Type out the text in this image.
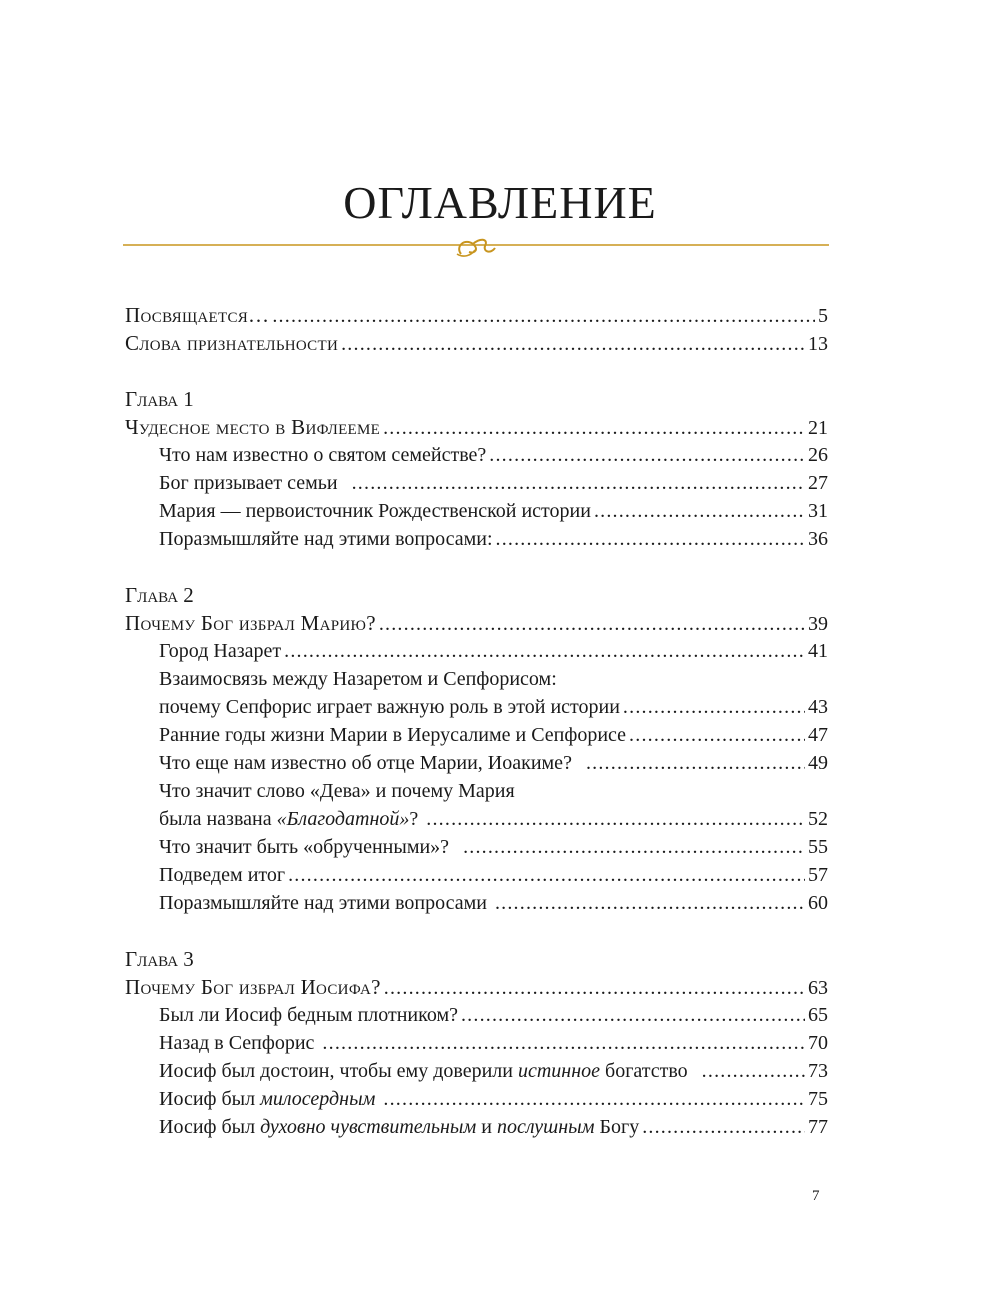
ОГЛАВЛЕНИЕ
Посвящается… .....	5
Слова признательности .....	13
Глава 1
Чудесное место в Вифлееме .....	21
Что нам известно о святом семействе? .....	26
Бог призывает семьи .....	27
Мария — первоисточник Рождественской истории .....	31
Поразмышляйте над этими вопросами: .....	36
Глава 2
Почему Бог избрал Марию? .....	39
Город Назарет .....	41
Взаимосвязь между Назаретом и Сепфорисом:
почему Сепфорис играет важную роль в этой истории .....	43
Ранние годы жизни Марии в Иерусалиме и Сепфорисе .....	47
Что еще нам известно об отце Марии, Иоакиме? .....	49
Что значит слово «Дева» и почему Мария
была названа «Благодатной»? .....	52
Что значит быть «обрученными»? .....	55
Подведем итог .....	57
Поразмышляйте над этими вопросами .....	60
Глава 3
Почему Бог избрал Иосифа? .....	63
Был ли Иосиф бедным плотником? .....	65
Назад в Сепфорис .....	70
Иосиф был достоин, чтобы ему доверили истинное богатство .....	73
Иосиф был милосердным .....	75
Иосиф был духовно чувствительным и послушным Богу .....	77
7
